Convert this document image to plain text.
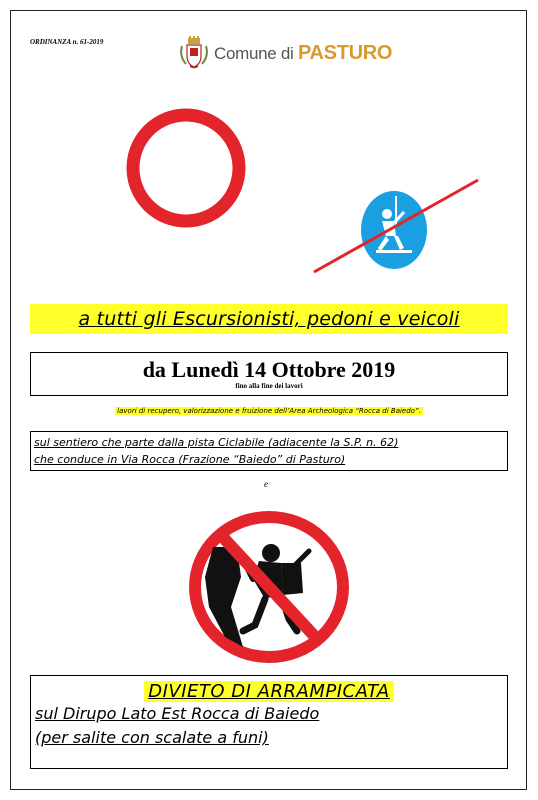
ORDINANZA n. 61-2019
Comune di PASTURO
a tutti gli Escursionisti, pedoni e veicoli
da Lunedì 14 Ottobre 2019
fino alla fine dei lavori
lavori di recupero, valorizzazione e fruizione dell’Area Archeologica “Rocca di Baiedo”.
sul sentiero che parte dalla pista Ciclabile (adiacente la S.P. n. 62)
che conduce in Via Rocca (Frazione “Baiedo” di Pasturo)
e
DIVIETO DI ARRAMPICATA
sul Dirupo Lato Est Rocca di Baiedo
(per salite con scalate a funi)
